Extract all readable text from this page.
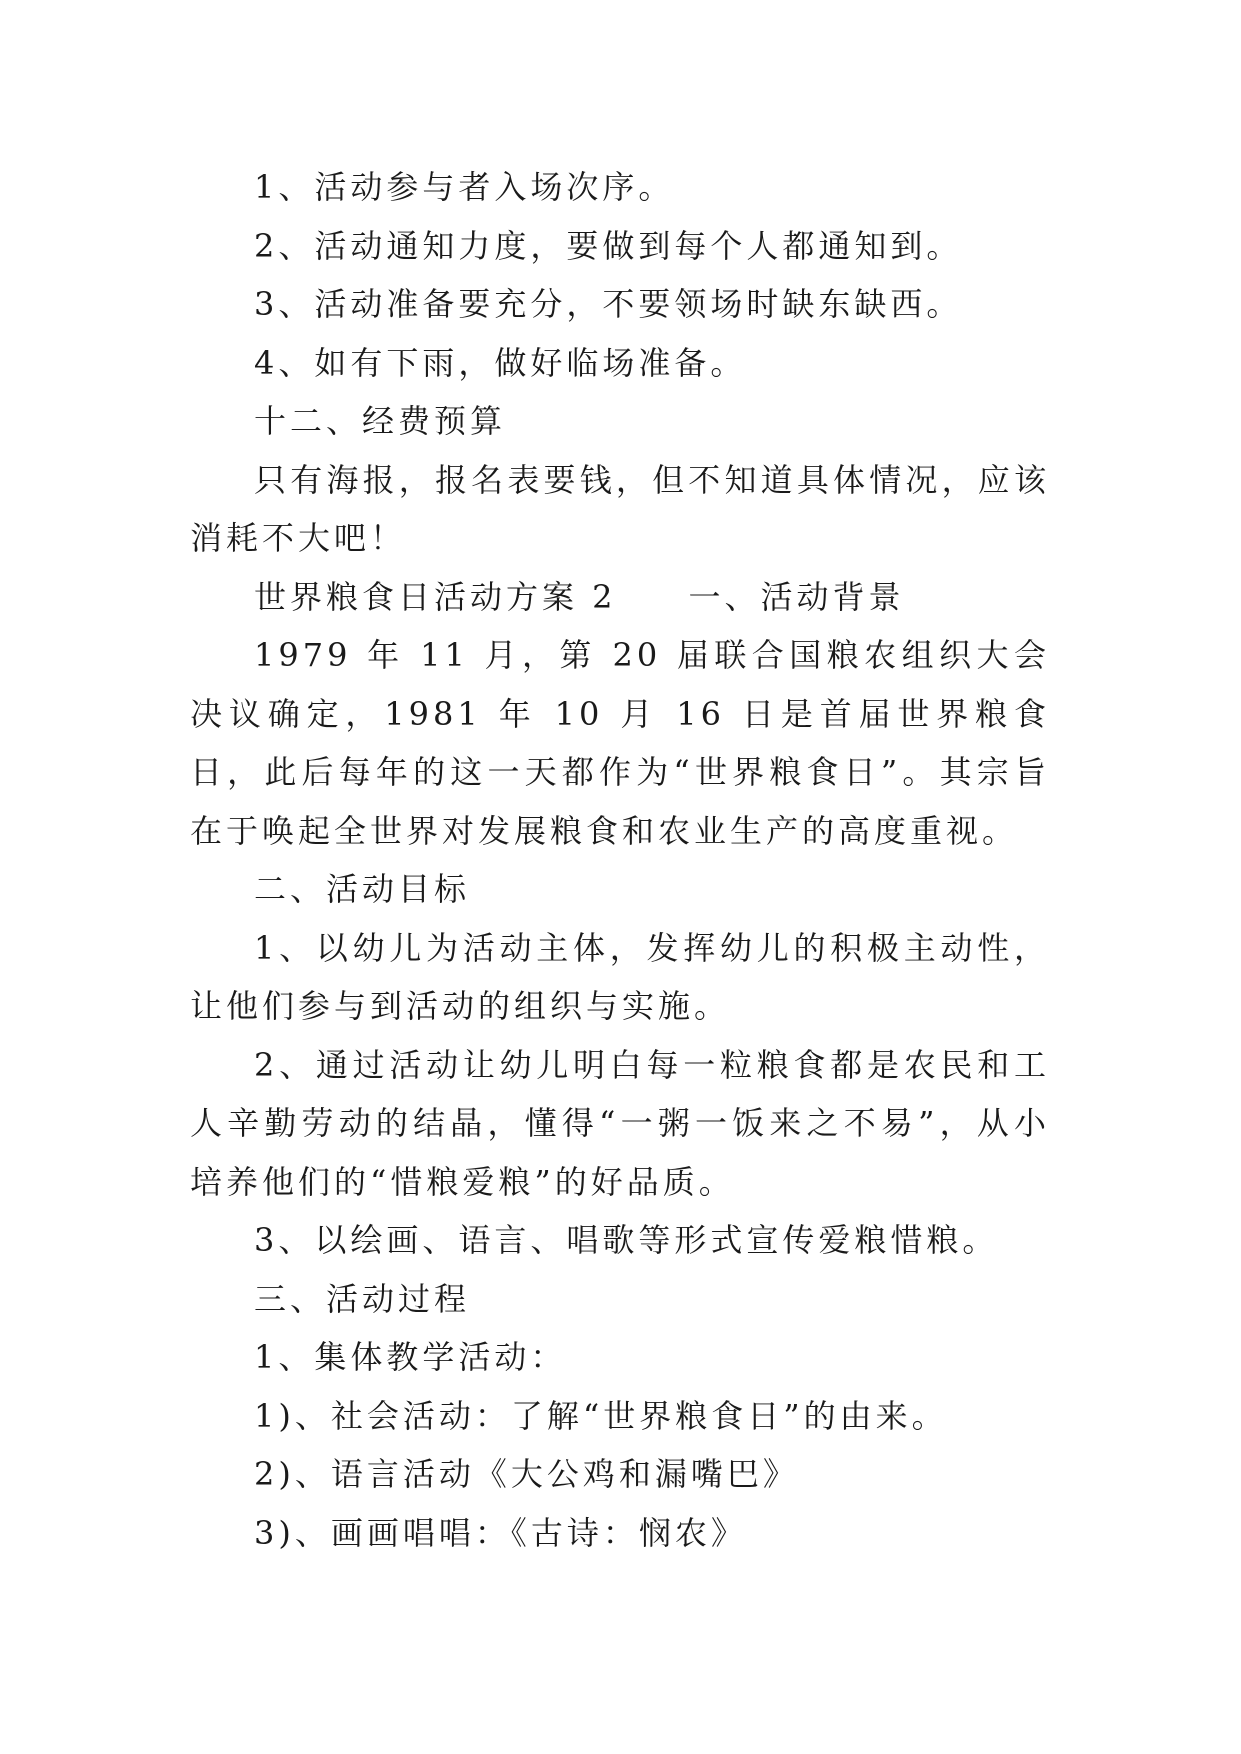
1、活动参与者入场次序。

2、活动通知力度，要做到每个人都通知到。

3、活动准备要充分，不要领场时缺东缺西。

4、如有下雨，做好临场准备。

十二、经费预算

只有海报，报名表要钱，但不知道具体情况，应该消耗不大吧！

世界粮食日活动方案 2 一、活动背景

1979 年 11 月，第 20 届联合国粮农组织大会决议确定，1981 年 10 月 16 日是首届世界粮食日，此后每年的这一天都作为“世界粮食日”。其宗旨在于唤起全世界对发展粮食和农业生产的高度重视。

二、活动目标

1、以幼儿为活动主体，发挥幼儿的积极主动性，让他们参与到活动的组织与实施。

2、通过活动让幼儿明白每一粒粮食都是农民和工人辛勤劳动的结晶，懂得“一粥一饭来之不易”，从小培养他们的“惜粮爱粮”的好品质。

3、以绘画、语言、唱歌等形式宣传爱粮惜粮。

三、活动过程

1、集体教学活动：

1)、社会活动：了解“世界粮食日”的由来。

2)、语言活动《大公鸡和漏嘴巴》

3)、画画唱唱：《古诗：悯农》
